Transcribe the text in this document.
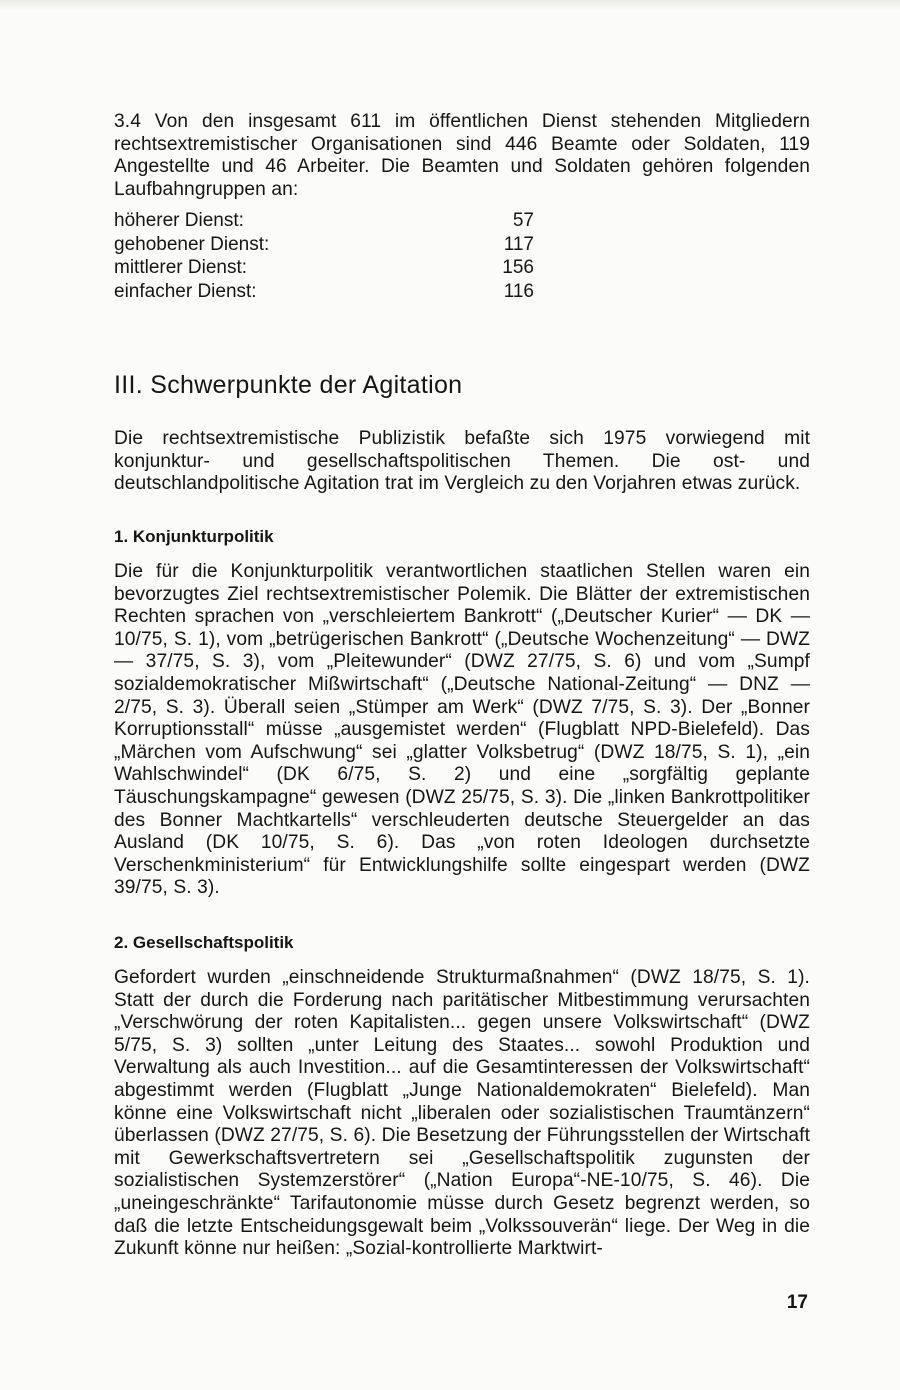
3.4 Von den insgesamt 611 im öffentlichen Dienst stehenden Mitgliedern rechtsextremistischer Organisationen sind 446 Beamte oder Soldaten, 119 Angestellte und 46 Arbeiter. Die Beamten und Soldaten gehören folgenden Laufbahngruppen an:

höherer Dienst:	57
gehobener Dienst:	117
mittlerer Dienst:	156
einfacher Dienst:	116
III. Schwerpunkte der Agitation

Die rechtsextremistische Publizistik befaßte sich 1975 vorwiegend mit konjunktur- und gesellschaftspolitischen Themen. Die ost- und deutschlandpolitische Agitation trat im Vergleich zu den Vorjahren etwas zurück.

1. Konjunkturpolitik

Die für die Konjunkturpolitik verantwortlichen staatlichen Stellen waren ein bevorzugtes Ziel rechtsextremistischer Polemik. Die Blätter der extremistischen Rechten sprachen von „verschleiertem Bankrott“ („Deutscher Kurier“ — DK — 10/75, S. 1), vom „betrügerischen Bankrott“ („Deutsche Wochenzeitung“ — DWZ — 37/75, S. 3), vom „Pleitewunder“ (DWZ 27/75, S. 6) und vom „Sumpf sozialdemokratischer Mißwirtschaft“ („Deutsche National-Zeitung“ — DNZ — 2/75, S. 3). Überall seien „Stümper am Werk“ (DWZ 7/75, S. 3). Der „Bonner Korruptionsstall“ müsse „ausgemistet werden“ (Flugblatt NPD-Bielefeld). Das „Märchen vom Aufschwung“ sei „glatter Volksbetrug“ (DWZ 18/75, S. 1), „ein Wahlschwindel“ (DK 6/75, S. 2) und eine „sorgfältig geplante Täuschungskampagne“ gewesen (DWZ 25/75, S. 3). Die „linken Bankrottpolitiker des Bonner Machtkartells“ verschleuderten deutsche Steuergelder an das Ausland (DK 10/75, S. 6). Das „von roten Ideologen durchsetzte Verschenkministerium“ für Entwicklungshilfe sollte eingespart werden (DWZ 39/75, S. 3).

2. Gesellschaftspolitik

Gefordert wurden „einschneidende Strukturmaßnahmen“ (DWZ 18/75, S. 1). Statt der durch die Forderung nach paritätischer Mitbestimmung verursachten „Verschwörung der roten Kapitalisten... gegen unsere Volkswirtschaft“ (DWZ 5/75, S. 3) sollten „unter Leitung des Staates... sowohl Produktion und Verwaltung als auch Investition... auf die Gesamtinteressen der Volkswirtschaft“ abgestimmt werden (Flugblatt „Junge Nationaldemokraten“ Bielefeld). Man könne eine Volkswirtschaft nicht „liberalen oder sozialistischen Traumtänzern“ überlassen (DWZ 27/75, S. 6). Die Besetzung der Führungsstellen der Wirtschaft mit Gewerkschaftsvertretern sei „Gesellschaftspolitik zugunsten der sozialistischen Systemzerstörer“ („Nation Europa“-NE-10/75, S. 46). Die „uneingeschränkte“ Tarifautonomie müsse durch Gesetz begrenzt werden, so daß die letzte Entscheidungsgewalt beim „Volkssouverän“ liege. Der Weg in die Zukunft könne nur heißen: „Sozial-kontrollierte Marktwirt-

17
